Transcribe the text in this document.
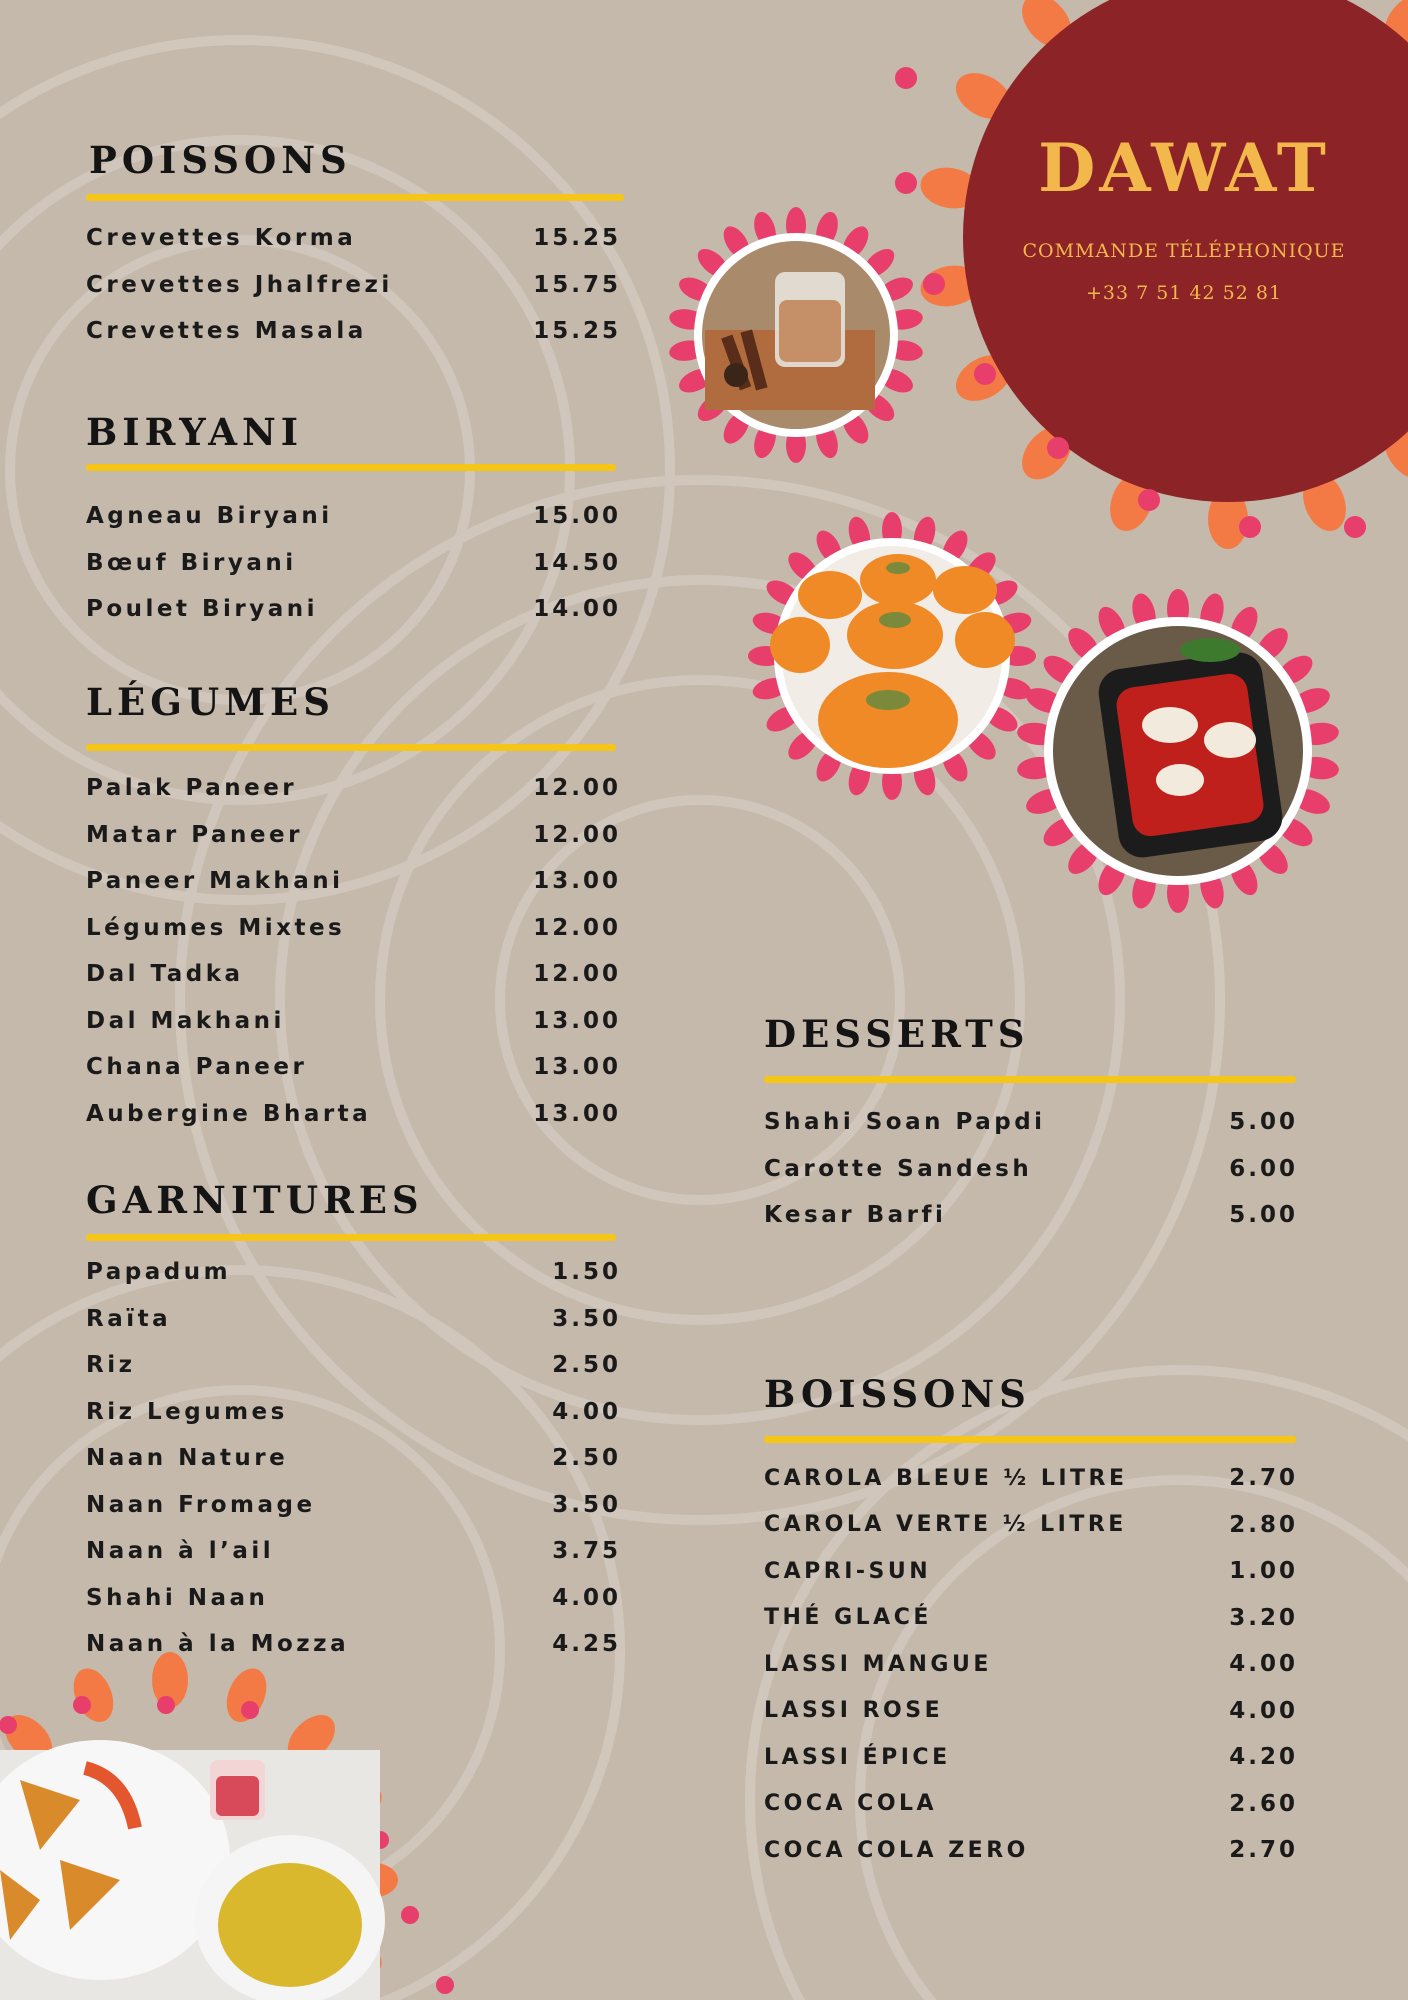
DAWAT
COMMANDE TÉLÉPHONIQUE
+33 7 51 42 52 81
POISSONS
Crevettes Korma	15.25
Crevettes Jhalfrezi	15.75
Crevettes Masala	15.25
BIRYANI
Agneau Biryani	15.00
Bœuf Biryani	14.50
Poulet Biryani	14.00
LÉGUMES
Palak Paneer	12.00
Matar Paneer	12.00
Paneer Makhani	13.00
Légumes Mixtes	12.00
Dal Tadka	12.00
Dal Makhani	13.00
Chana Paneer	13.00
Aubergine Bharta	13.00
GARNITURES
Papadum	1.50
Raïta	3.50
Riz	2.50
Riz Legumes	4.00
Naan Nature	2.50
Naan Fromage	3.50
Naan à l’ail	3.75
Shahi Naan	4.00
Naan à la Mozza	4.25
DESSERTS
Shahi Soan Papdi	5.00
Carotte Sandesh	6.00
Kesar Barfi	5.00
BOISSONS
CAROLA BLEUE ½ LITRE	2.70
CAROLA VERTE ½ LITRE	2.80
CAPRI-SUN	1.00
THÉ GLACÉ	3.20
LASSI MANGUE	4.00
LASSI ROSE	4.00
LASSI ÉPICE	4.20
COCA COLA	2.60
COCA COLA ZERO	2.70
